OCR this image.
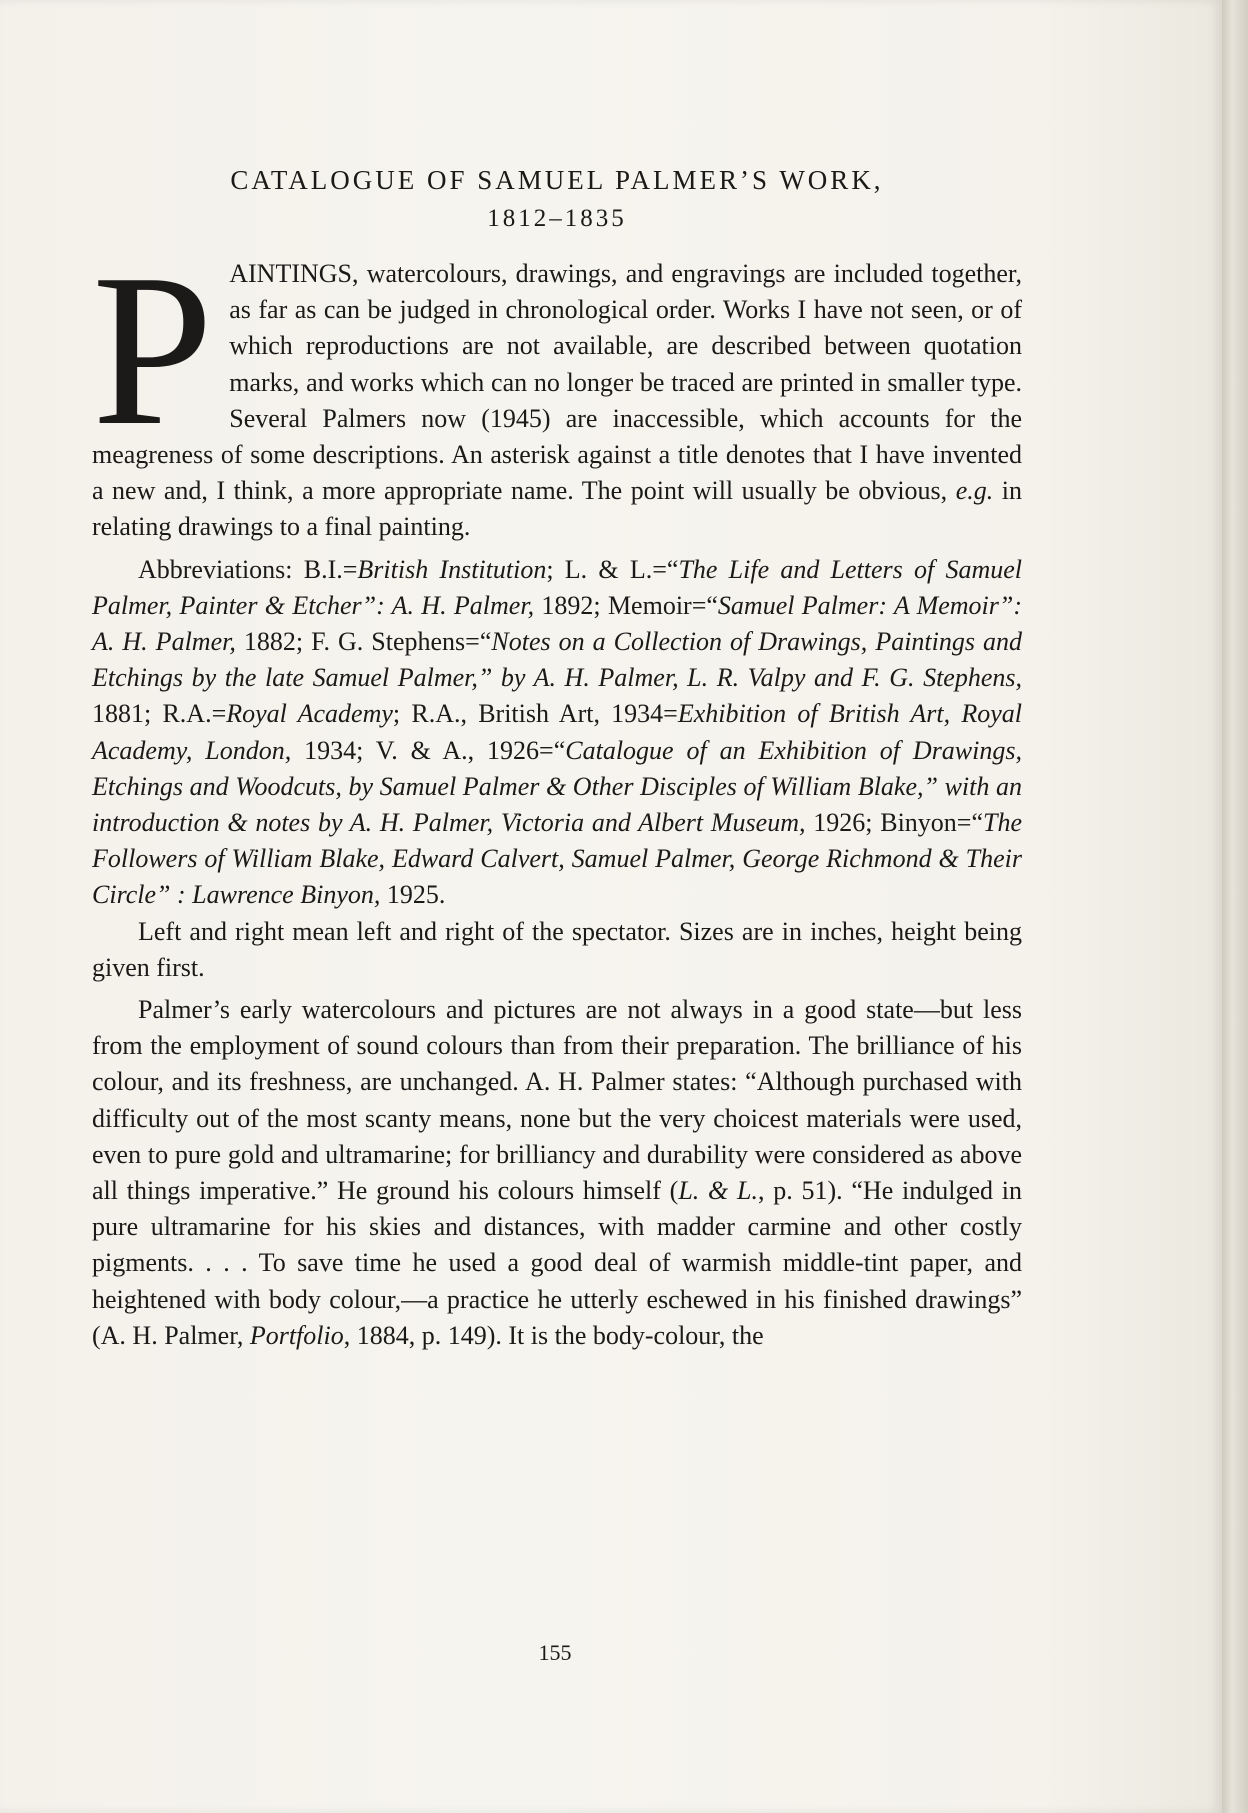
CATALOGUE OF SAMUEL PALMER’S WORK,
1812–1835

PAINTINGS, watercolours, drawings, and engravings are included together, as far as can be judged in chronological order. Works I have not seen, or of which reproductions are not available, are described between quotation marks, and works which can no longer be traced are printed in smaller type. Several Palmers now (1945) are inaccessible, which accounts for the meagreness of some descriptions. An asterisk against a title denotes that I have invented a new and, I think, a more appropriate name. The point will usually be obvious, e.g. in relating drawings to a final painting.

Abbreviations: B.I.=British Institution; L. & L.=“The Life and Letters of Samuel Palmer, Painter & Etcher”: A. H. Palmer, 1892; Memoir=“Samuel Palmer: A Memoir”: A. H. Palmer, 1882; F. G. Stephens=“Notes on a Collection of Drawings, Paintings and Etchings by the late Samuel Palmer,” by A. H. Palmer, L. R. Valpy and F. G. Stephens, 1881; R.A.=Royal Academy; R.A., British Art, 1934=Exhibition of British Art, Royal Academy, London, 1934; V. & A., 1926=“Catalogue of an Exhibition of Drawings, Etchings and Woodcuts, by Samuel Palmer & Other Disciples of William Blake,” with an introduction & notes by A. H. Palmer, Victoria and Albert Museum, 1926; Binyon=“The Followers of William Blake, Edward Calvert, Samuel Palmer, George Richmond & Their Circle” : Lawrence Binyon, 1925.

Left and right mean left and right of the spectator. Sizes are in inches, height being given first.

Palmer’s early watercolours and pictures are not always in a good state—but less from the employment of sound colours than from their preparation. The brilliance of his colour, and its freshness, are unchanged. A. H. Palmer states: “Although purchased with difficulty out of the most scanty means, none but the very choicest materials were used, even to pure gold and ultramarine; for brilliancy and durability were considered as above all things imperative.” He ground his colours himself (L. & L., p. 51). “He indulged in pure ultramarine for his skies and distances, with madder carmine and other costly pigments. . . . To save time he used a good deal of warmish middle-tint paper, and heightened with body colour,—a practice he utterly eschewed in his finished drawings” (A. H. Palmer, Portfolio, 1884, p. 149). It is the body-colour, the

155
